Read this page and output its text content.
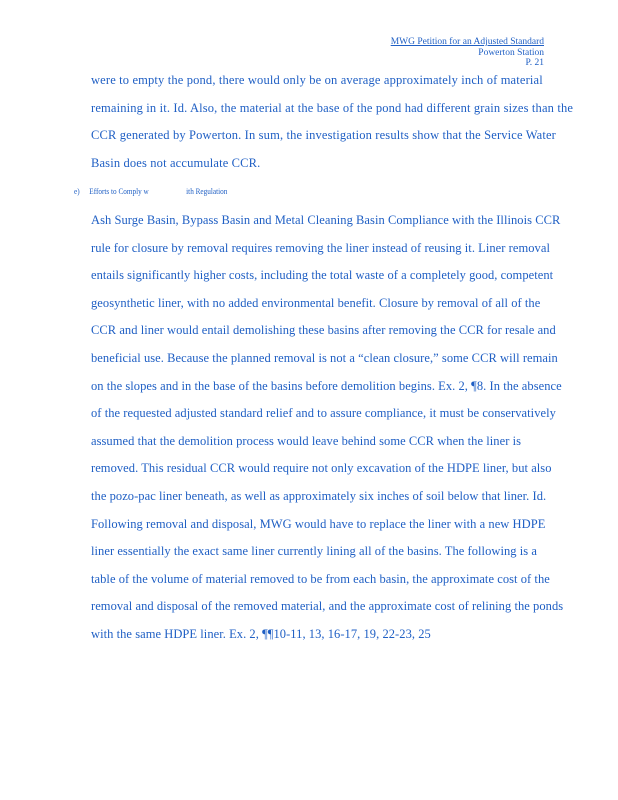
MWG Petition for an Adjusted Standard
Powerton Station
P. 21
were to empty the pond, there would only be on average approximately inch of material
remaining in it. Id. Also, the material at the base of the pond had different grain sizes than the
CCR generated by Powerton. In sum, the investigation results show that the Service Water
Basin does not accumulate CCR.
e) Efforts to Comply w	ith Regulation
Ash Surge Basin, Bypass Basin and Metal Cleaning Basin Compliance with the Illinois CCR
rule for closure by removal requires removing the liner instead of reusing it. Liner removal
entails significantly higher costs, including the total waste of a completely good, competent
geosynthetic liner, with no added environmental benefit. Closure by removal of all of the
CCR and liner would entail demolishing these basins after removing the CCR for resale and
beneficial use. Because the planned removal is not a “clean closure,” some CCR will remain
on the slopes and in the base of the basins before demolition begins. Ex. 2, ¶8. In the absence
of the requested adjusted standard relief and to assure compliance, it must be conservatively
assumed that the demolition process would leave behind some CCR when the liner is
removed. This residual CCR would require not only excavation of the HDPE liner, but also
the pozo-pac liner beneath, as well as approximately six inches of soil below that liner. Id.
Following removal and disposal, MWG would have to replace the liner with a new HDPE
liner essentially the exact same liner currently lining all of the basins. The following is a
table of the volume of material removed to be from each basin, the approximate cost of the
removal and disposal of the removed material, and the approximate cost of relining the ponds
with the same HDPE liner. Ex. 2, ¶¶10-11, 13, 16-17, 19, 22-23, 25
